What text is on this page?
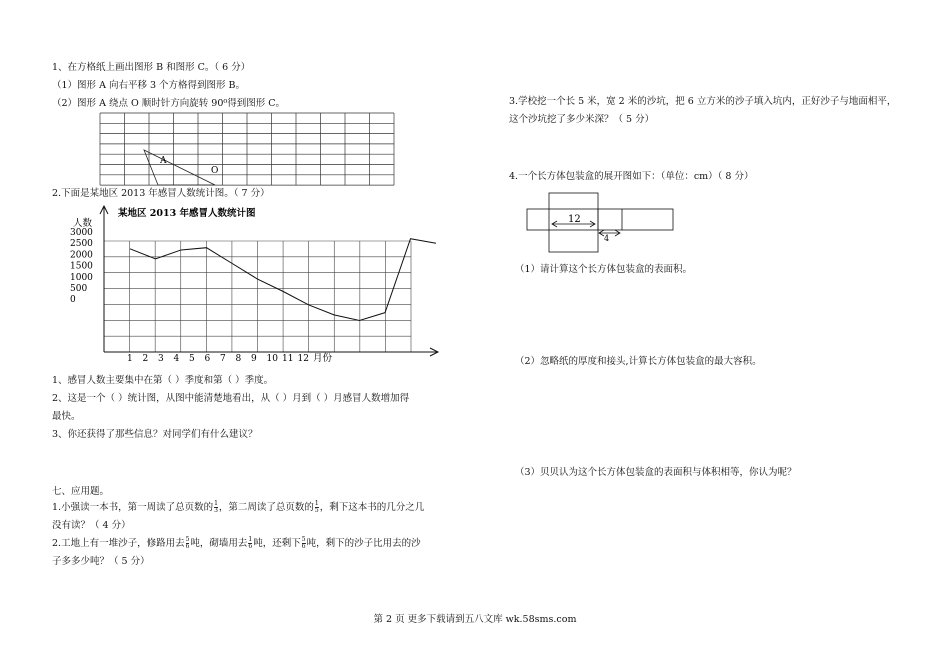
1、在方格纸上画出图形 B 和图形 C。（ 6 分）
（1）图形 A 向右平移 3 个方格得到图形 B。
（2）图形 A 绕点 O 顺时针方向旋转 90⁰得到图形 C。
A
O
2.下面是某地区 2013 年感冒人数统计图。（ 7 分）
某地区 2013 年感冒人数统计图
人数
3000
2500
2000
1500
1000
500
0
1 2 3 4 5 6 7 8 9 10 11 12 月份
1、感冒人数主要集中在第（ ）季度和第（ ）季度。
2、这是一个（ ）统计图，从图中能清楚地看出，从（ ）月到（ ）月感冒人数增加得
最快。
3、你还获得了那些信息？对同学们有什么建议？
七、应用题。
1.小强读一本书，第一周读了总页数的 $\frac{1}{3}$ ，第二周读了总页数的 $\frac{1}{5}$ ，剩下这本书的几分之几
没有读？（ 4 分）
2.工地上有一堆沙子，修路用去 $\frac{5}{6}$ 吨，砌墙用去 $\frac{1}{6}$ 吨，还剩下 $\frac{5}{6}$ 吨，剩下的沙子比用去的沙
子多多少吨？（ 5 分）
3.学校挖一个长 5 米，宽 2 米的沙坑，把 6 立方米的沙子填入坑内，正好沙子与地面相平，
这个沙坑挖了多少米深？（ 5 分）
4.一个长方体包装盒的展开图如下：（单位：cm）（ 8 分）
12
4
（1）请计算这个长方体包装盒的表面积。
（2）忽略纸的厚度和接头,计算长方体包装盒的最大容积。
（3）贝贝认为这个长方体包装盒的表面积与体积相等，你认为呢？
第 2 页 更多下载请到五八文库 wk.58sms.com
